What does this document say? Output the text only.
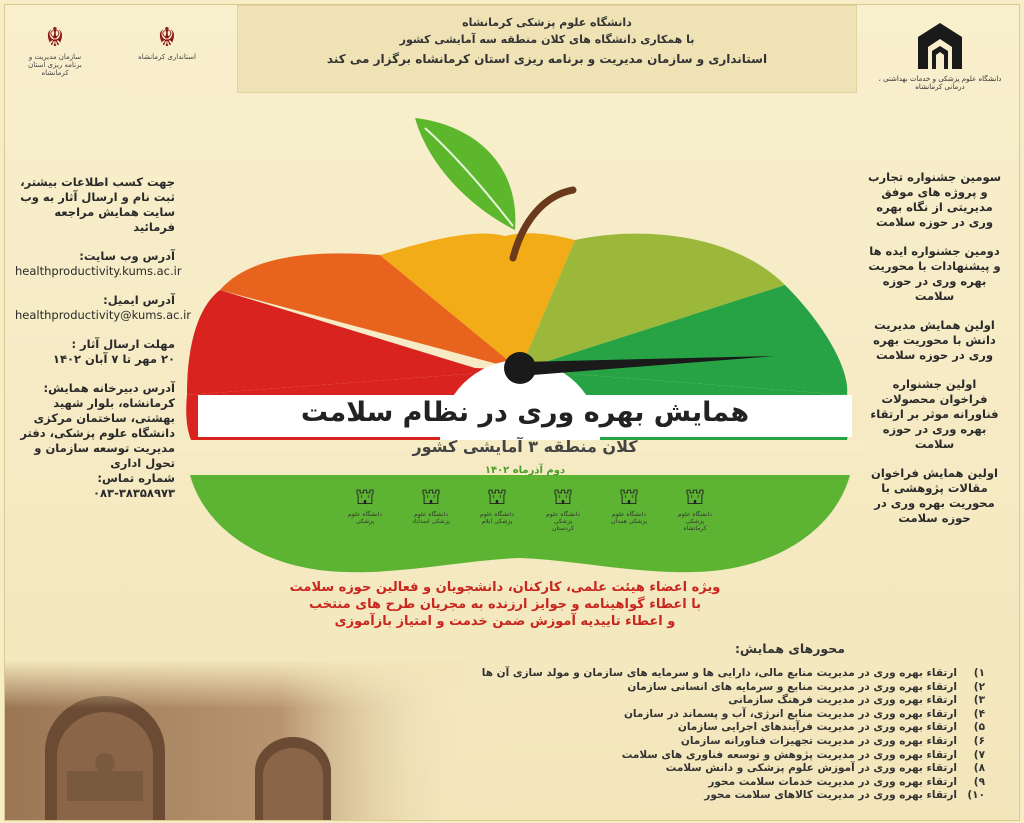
دانشگاه علوم پزشکی کرمانشاه

با همکاری دانشگاه های کلان منطقه سه آمایشی کشور

استانداری و سازمان مدیریت و برنامه ریزی استان کرمانشاه برگزار می کند

☬
سازمان مدیریت و برنامه ریزی استان کرمانشاه
☬
استانداری کرمانشاه
دانشگاه علوم پزشکی و خدمات بهداشتی ، درمانی کرمانشاه
جهت کسب اطلاعات بیشتر، ثبت نام و ارسال آثار به وب سایت همایش مراجعه فرمائید
آدرس وب سایت:
healthproductivity.kums.ac.ir
آدرس ایمیل:
healthproductivity@kums.ac.ir
مهلت ارسال آثار :
۲۰ مهر تا ۷ آبان ۱۴۰۲
آدرس دبیرخانه همایش:
کرمانشاه، بلوار شهید بهشتی، ساختمان مرکزی دانشگاه علوم پزشکی، دفتر مدیریت توسعه سازمان و تحول اداری
شماره تماس:
۰۸۳-۳۸۳۵۸۹۷۳
سومین جشنواره تجارب و پروژه های موفق مدیریتی از نگاه بهره وری در حوزه سلامت
دومین جشنواره ایده ها و پیشنهادات با محوریت بهره وری در حوزه سلامت
اولین همایش مدیریت دانش با محوریت بهره وری در حوزه سلامت
اولین جشنواره فراخوان محصولات فناورانه موثر بر ارتقاء بهره وری در حوزه سلامت
اولین همایش فراخوان مقالات پژوهشی با محوریت بهره وری در حوزه سلامت
همایش بهره وری در نظام سلامت
کلان منطقه ۳ آمایشی کشور
دوم آذرماه ۱۴۰۲
⛫
دانشگاه علوم پزشکی کرمانشاه
⛫
دانشگاه علوم پزشکی همدان
⛫
دانشگاه علوم پزشکی کردستان
⛫
دانشگاه علوم پزشکی ایلام
⛫
دانشگاه علوم پزشکی اسدآباد
⛫
دانشگاه علوم پزشکی
ویژه اعضاء هیئت علمی، کارکنان، دانشجویان و فعالین حوزه سلامت
با اعطاء گواهینامه و جوایز ارزنده به مجریان طرح های منتخب
و اعطاء تاییدیه آموزش ضمن خدمت و امتیاز بازآموزی
محورهای همایش:
۱)
ارتقاء بهره وری در مدیریت منابع مالی، دارایی ها و سرمایه های سازمان و مولد سازی آن ها
۲)
ارتقاء بهره وری در مدیریت منابع و سرمایه های انسانی سازمان
۳)
ارتقاء بهره وری در مدیریت فرهنگ سازمانی
۴)
ارتقاء بهره وری در مدیریت منابع انرژی، آب و پسماند در سازمان
۵)
ارتقاء بهره وری در مدیریت فرآیندهای اجرایی سازمان
۶)
ارتقاء بهره وری در مدیریت تجهیزات فناورانه سازمان
۷)
ارتقاء بهره وری در مدیریت پژوهش و توسعه فناوری های سلامت
۸)
ارتقاء بهره وری در آموزش علوم پزشکی و دانش سلامت
۹)
ارتقاء بهره وری در مدیریت خدمات سلامت محور
۱۰)
ارتقاء بهره وری در مدیریت کالاهای سلامت محور
